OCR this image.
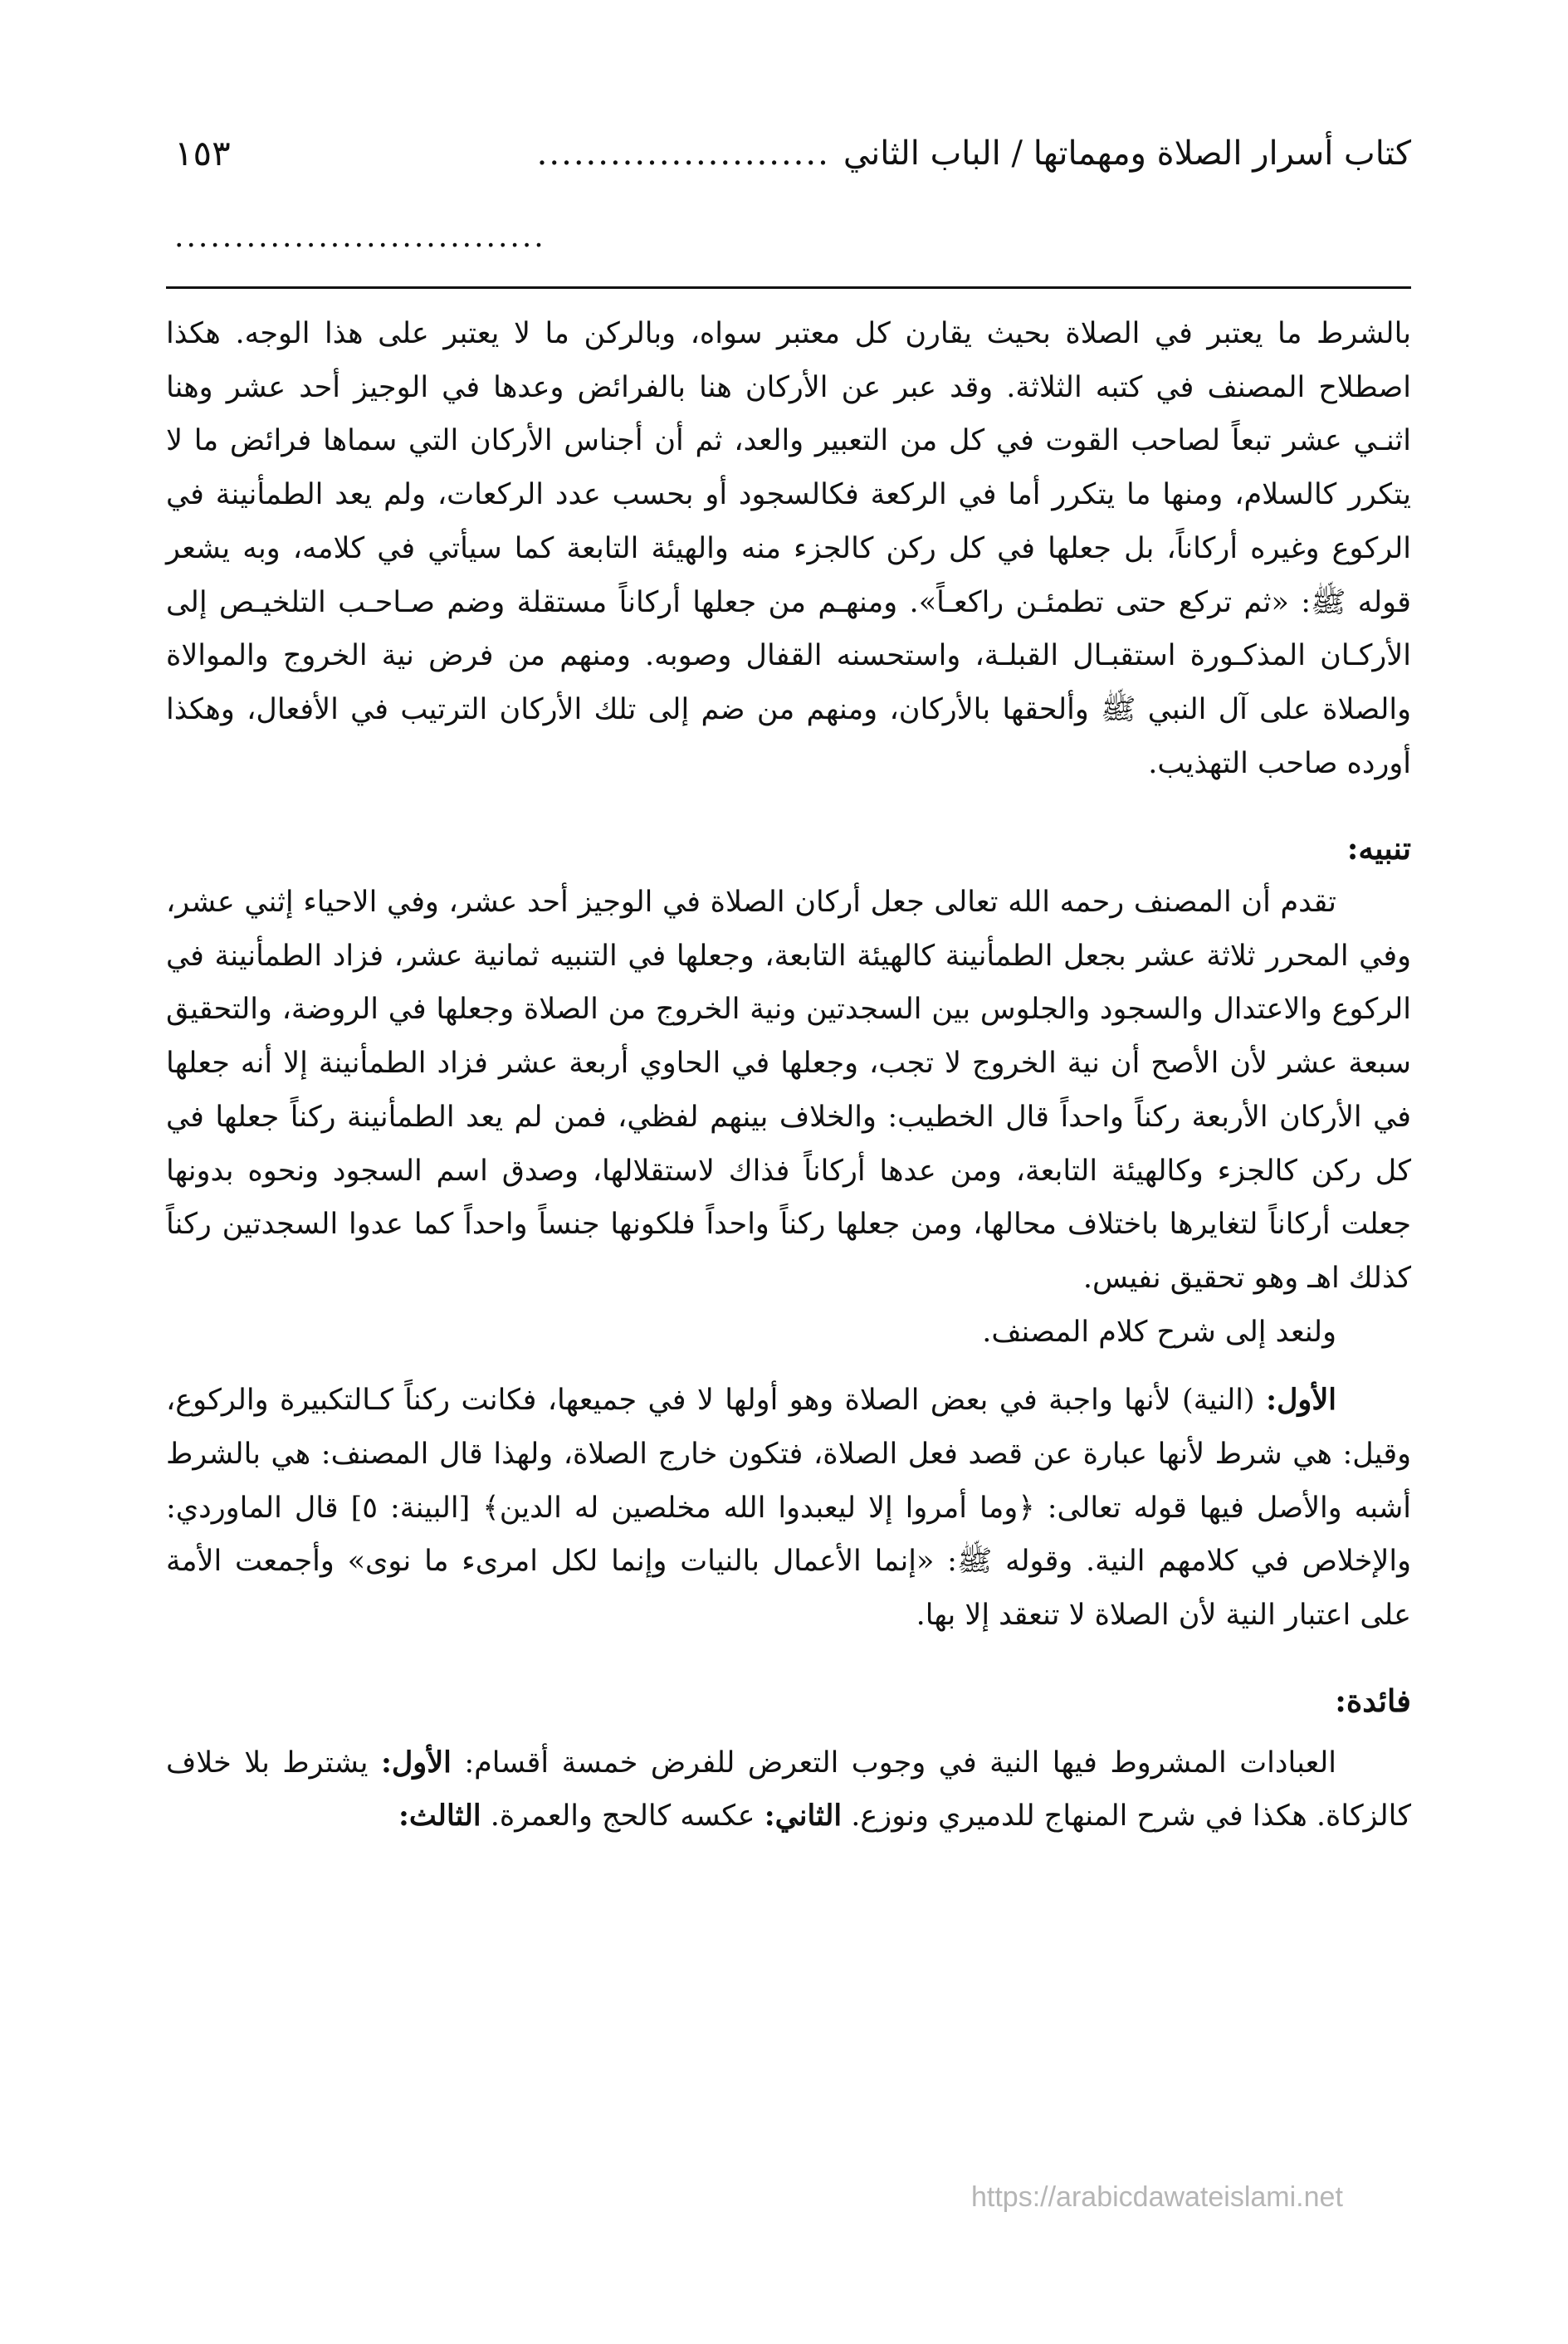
كتاب أسرار الصلاة ومهماتها / الباب الثاني
........................
١٥٣
...............................

بالشرط ما يعتبر في الصلاة بحيث يقارن كل معتبر سواه، وبالركن ما لا يعتبر على هذا الوجه. هكذا اصطلاح المصنف في كتبه الثلاثة. وقد عبر عن الأركان هنا بالفرائض وعدها في الوجيز أحد عشر وهنا اثنـي عشر تبعاً لصاحب القوت في كل من التعبير والعد، ثم أن أجناس الأركان التي سماها فرائض ما لا يتكرر كالسلام، ومنها ما يتكرر أما في الركعة فكالسجود أو بحسب عدد الركعات، ولم يعد الطمأنينة في الركوع وغيره أركاناً، بل جعلها في كل ركن كالجزء منه والهيئة التابعة كما سيأتي في كلامه، وبه يشعر قوله ﷺ: «ثم تركع حتى تطمئـن راكعـاً». ومنهـم من جعلها أركاناً مستقلة وضم صـاحـب التلخيـص إلى الأركـان المذكـورة استقبـال القبلـة، واستحسنه القفال وصوبه. ومنهم من فرض نية الخروج والموالاة والصلاة على آل النبي ﷺ وألحقها بالأركان، ومنهم من ضم إلى تلك الأركان الترتيب في الأفعال، وهكذا أورده صاحب التهذيب.

تنبيه:

تقدم أن المصنف رحمه الله تعالى جعل أركان الصلاة في الوجيز أحد عشر، وفي الاحياء إثني عشر، وفي المحرر ثلاثة عشر بجعل الطمأنينة كالهيئة التابعة، وجعلها في التنبيه ثمانية عشر، فزاد الطمأنينة في الركوع والاعتدال والسجود والجلوس بين السجدتين ونية الخروج من الصلاة وجعلها في الروضة، والتحقيق سبعة عشر لأن الأصح أن نية الخروج لا تجب، وجعلها في الحاوي أربعة عشر فزاد الطمأنينة إلا أنه جعلها في الأركان الأربعة ركناً واحداً قال الخطيب: والخلاف بينهم لفظي، فمن لم يعد الطمأنينة ركناً جعلها في كل ركن كالجزء وكالهيئة التابعة، ومن عدها أركاناً فذاك لاستقلالها، وصدق اسم السجود ونحوه بدونها جعلت أركاناً لتغايرها باختلاف محالها، ومن جعلها ركناً واحداً فلكونها جنساً واحداً كما عدوا السجدتين ركناً كذلك اهـ وهو تحقيق نفيس.

ولنعد إلى شرح كلام المصنف.

الأول: (النية) لأنها واجبة في بعض الصلاة وهو أولها لا في جميعها، فكانت ركناً كـالتكبيرة والركوع، وقيل: هي شرط لأنها عبارة عن قصد فعل الصلاة، فتكون خارج الصلاة، ولهذا قال المصنف: هي بالشرط أشبه والأصل فيها قوله تعالى: ﴿وما أمروا إلا ليعبدوا الله مخلصين له الدين﴾ [البينة: ٥] قال الماوردي: والإخلاص في كلامهم النية. وقوله ﷺ: «إنما الأعمال بالنيات وإنما لكل امرىء ما نوى» وأجمعت الأمة على اعتبار النية لأن الصلاة لا تنعقد إلا بها.

فائدة:

العبادات المشروط فيها النية في وجوب التعرض للفرض خمسة أقسام: الأول: يشترط بلا خلاف كالزكاة. هكذا في شرح المنهاج للدميري ونوزع. الثاني: عكسه كالحج والعمرة. الثالث:

https://arabicdawateislami.net
